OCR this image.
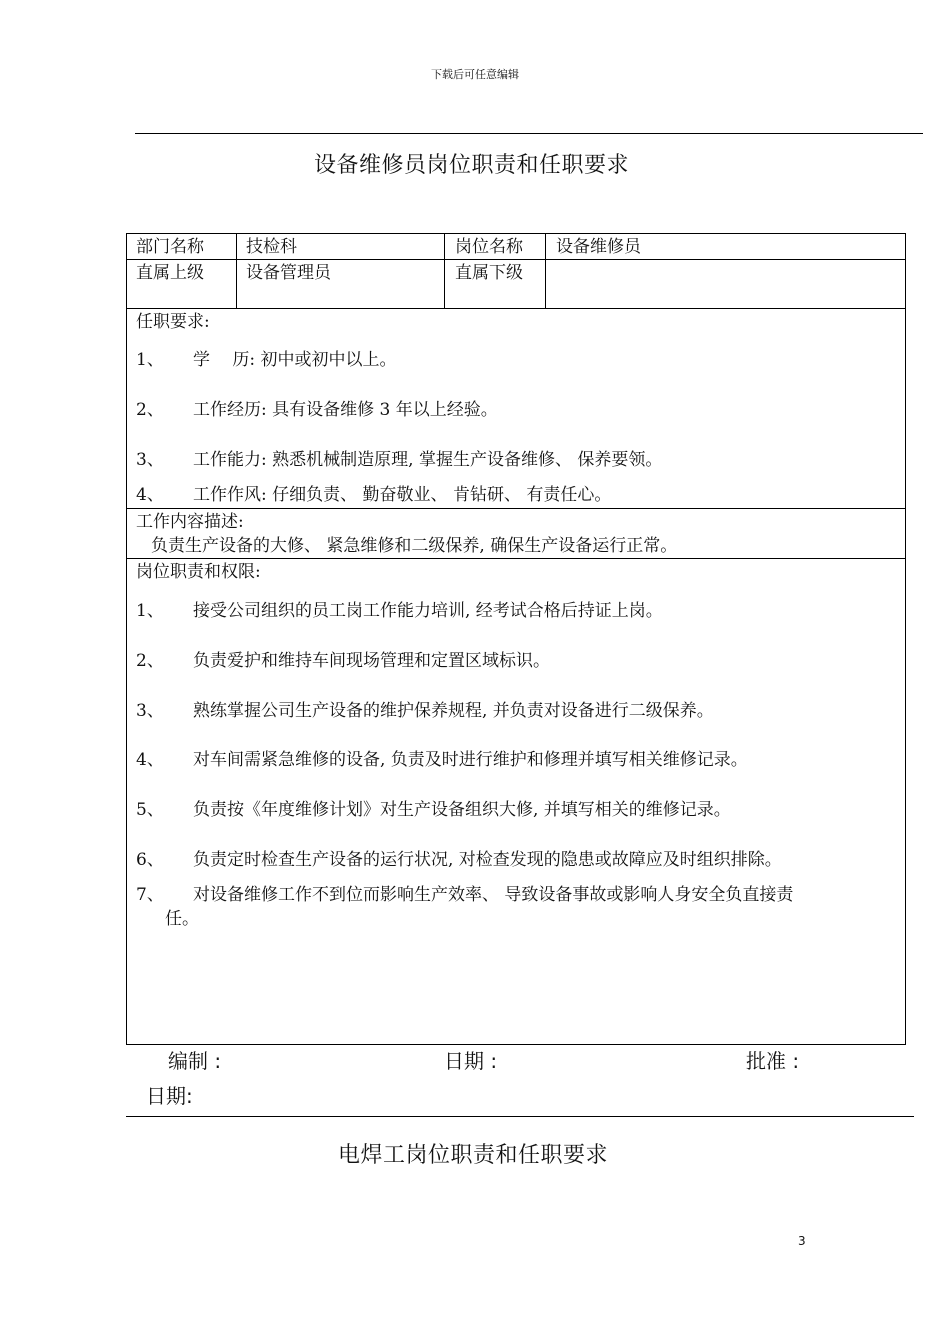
下载后可任意编辑
设备维修员岗位职责和任职要求
部门名称 技检科	岗位名称 设备维修员
直属上级 设备管理员	直属下级
任职要求:
1、 学　 历: 初中或初中以上。
2、 工作经历: 具有设备维修 3 年以上经验。
3、 工作能力: 熟悉机械制造原理, 掌握生产设备维修、 保养要领。
4、 工作作风: 仔细负责、 勤奋敬业、 肯钻研、 有责任心。
工作内容描述:
负责生产设备的大修、 紧急维修和二级保养, 确保生产设备运行正常。
岗位职责和权限:
1、 接受公司组织的员工岗工作能力培训, 经考试合格后持证上岗。
2、 负责爱护和维持车间现场管理和定置区域标识。
3、 熟练掌握公司生产设备的维护保养规程, 并负责对设备进行二级保养。
4、 对车间需紧急维修的设备, 负责及时进行维护和修理并填写相关维修记录。
5、 负责按《年度维修计划》对生产设备组织大修, 并填写相关的维修记录。
6、 负责定时检查生产设备的运行状况, 对检查发现的隐患或故障应及时组织排除。
7、 对设备维修工作不到位而影响生产效率、 导致设备事故或影响人身安全负直接责
任。
编制 :	日期 :	批准 :
日期:
电焊工岗位职责和任职要求
3
